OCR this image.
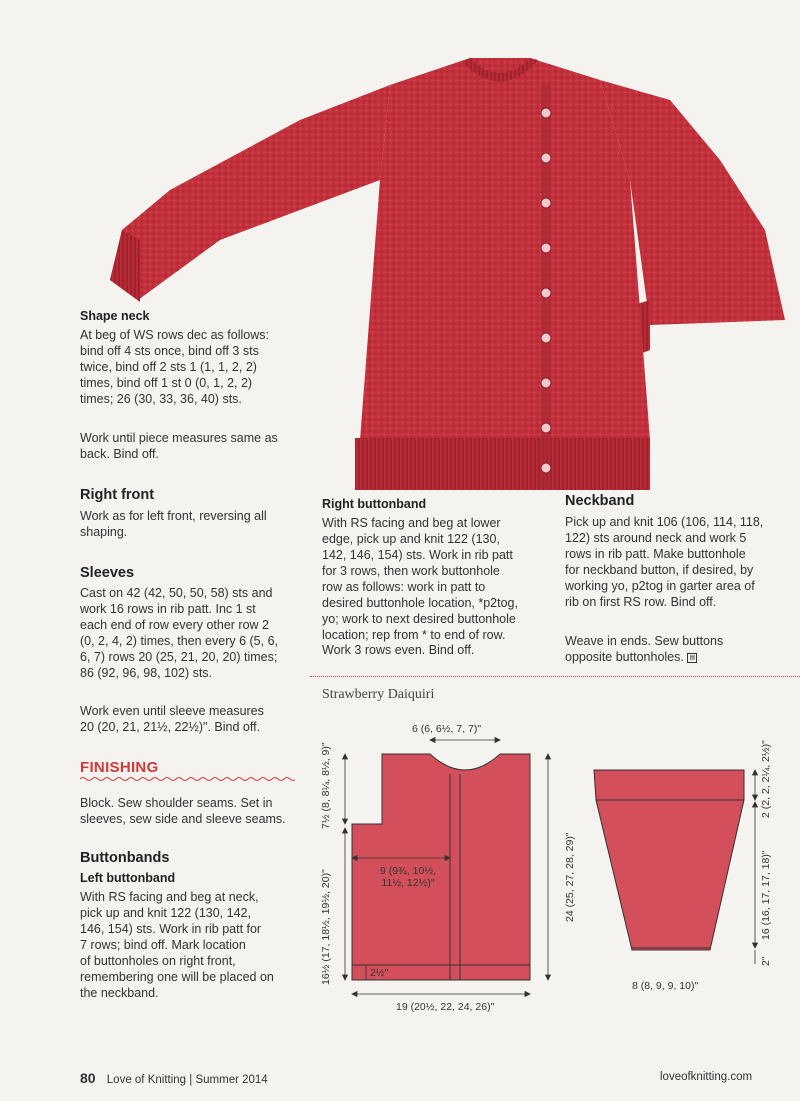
Shape neck
At beg of WS rows dec as follows:
bind off 4 sts once, bind off 3 sts
twice, bind off 2 sts 1 (1, 1, 2, 2)
times, bind off 1 st 0 (0, 1, 2, 2)
times; 26 (30, 33, 36, 40) sts.
Work until piece measures same as
back. Bind off.
Right front
Work as for left front, reversing all
shaping.
Sleeves
Cast on 42 (42, 50, 50, 58) sts and
work 16 rows in rib patt. Inc 1 st
each end of row every other row 2
(0, 2, 4, 2) times, then every 6 (5, 6,
6, 7) rows 20 (25, 21, 20, 20) times;
86 (92, 96, 98, 102) sts.
Work even until sleeve measures
20 (20, 21, 21½, 22½)". Bind off.
FINISHING
Block. Sew shoulder seams. Set in
sleeves, sew side and sleeve seams.
Buttonbands
Left buttonband
With RS facing and beg at neck,
pick up and knit 122 (130, 142,
146, 154) sts. Work in rib patt for
7 rows; bind off. Mark location
of buttonholes on right front,
remembering one will be placed on
the neckband.
Right buttonband
With RS facing and beg at lower
edge, pick up and knit 122 (130,
142, 146, 154) sts. Work in rib patt
for 3 rows, then work buttonhole
row as follows: work in patt to
desired buttonhole location, *p2tog,
yo; work to next desired buttonhole
location; rep from * to end of row.
Work 3 rows even. Bind off.
Neckband
Pick up and knit 106 (106, 114, 118,
122) sts around neck and work 5
rows in rib patt. Make buttonhole
for neckband button, if desired, by
working yo, p2tog in garter area of
rib on first RS row. Bind off.
Weave in ends. Sew buttons
opposite buttonholes. ▤
Strawberry Daiquiri
6 (6, 6½, 7, 7)"
7½ (8, 8¼, 8½, 9)"
16½ (17, 18½, 19½, 20)"	9 (9¾, 10½,
11½, 12½)"
2½"
24 (25, 27, 28, 29)"
19 (20½, 22, 24, 26)"
2 (2, 2, 2¼, 2½)"
16 (16, 17, 17, 18)"
2"
8 (8, 9, 9, 10)"
80 Love of Knitting | Summer 2014	loveofknitting.com
